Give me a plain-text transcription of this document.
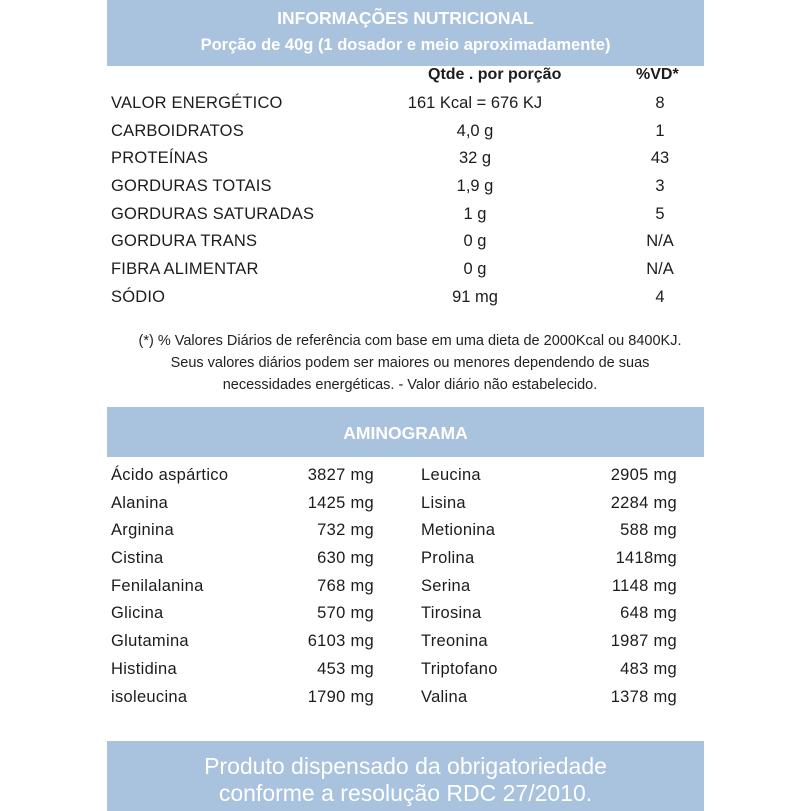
INFORMAÇÕES NUTRICIONAL
Porção de 40g (1 dosador e meio aproximadamente)
Qtde . por porção	%VD*
VALOR ENERGÉTICO	161 Kcal = 676 KJ	8
CARBOIDRATOS	4,0 g	1
PROTEÍNAS	32 g	43
GORDURAS TOTAIS	1,9 g	3
GORDURAS SATURADAS	1 g	5
GORDURA TRANS	0 g	N/A
FIBRA ALIMENTAR	0 g	N/A
SÓDIO	91 mg	4
(*) % Valores Diários de referência com base em uma dieta de 2000Kcal ou 8400KJ.
Seus valores diários podem ser maiores ou menores dependendo de suas
necessidades energéticas. - Valor diário não estabelecido.
AMINOGRAMA
Ácido aspártico	3827 mg	Leucina	2905 mg
Alanina	1425 mg	Lisina	2284 mg
Arginina	732 mg	Metionina	588 mg
Cistina	630 mg	Prolina	1418mg
Fenilalanina	768 mg	Serina	1148 mg
Glicina	570 mg	Tirosina	648 mg
Glutamina	6103 mg	Treonina	1987 mg
Histidina	453 mg	Triptofano	483 mg
isoleucina	1790 mg	Valina	1378 mg
Produto dispensado da obrigatoriedade
conforme a resolução RDC 27/2010.
